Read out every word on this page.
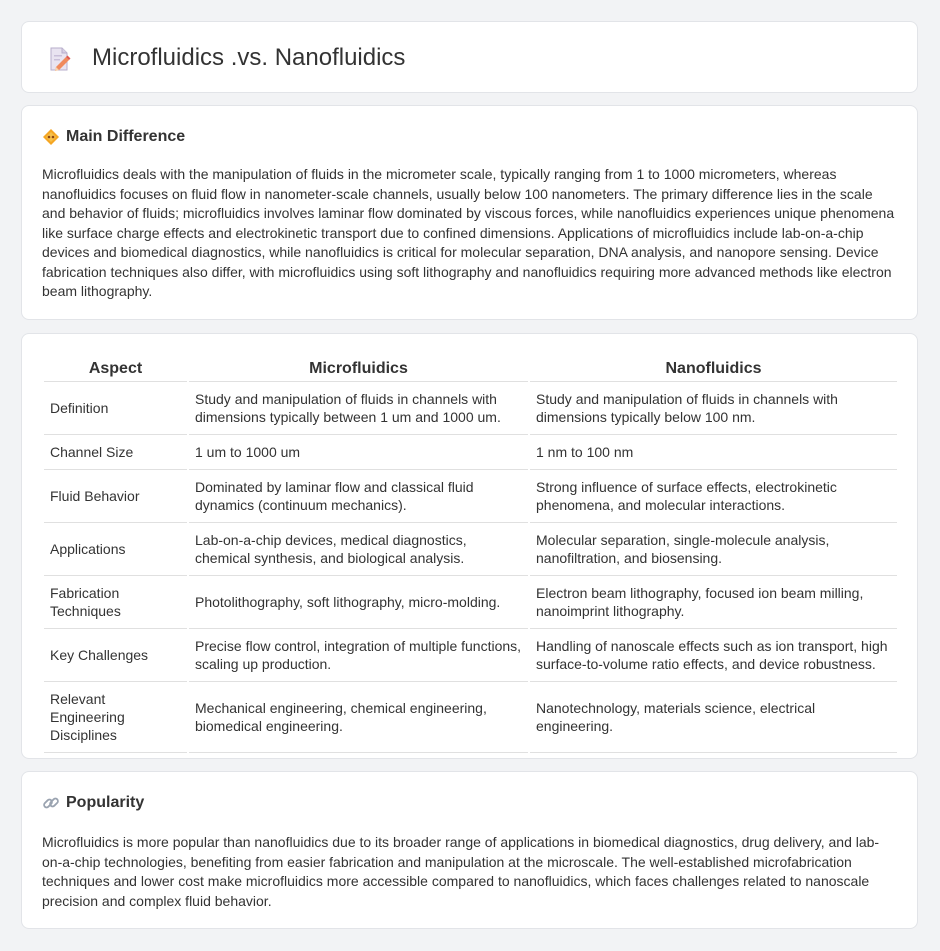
Microfluidics .vs. Nanofluidics
Main Difference

Microfluidics deals with the manipulation of fluids in the micrometer scale, typically ranging from 1 to 1000 micrometers, whereas nanofluidics focuses on fluid flow in nanometer-scale channels, usually below 100 nanometers. The primary difference lies in the scale and behavior of fluids; microfluidics involves laminar flow dominated by viscous forces, while nanofluidics experiences unique phenomena like surface charge effects and electrokinetic transport due to confined dimensions. Applications of microfluidics include lab-on-a-chip devices and biomedical diagnostics, while nanofluidics is critical for molecular separation, DNA analysis, and nanopore sensing. Device fabrication techniques also differ, with microfluidics using soft lithography and nanofluidics requiring more advanced methods like electron beam lithography.

Aspect	Microfluidics	Nanofluidics
Definition	Study and manipulation of fluids in channels with dimensions typically between 1 um and 1000 um.	Study and manipulation of fluids in channels with dimensions typically below 100 nm.
Channel Size	1 um to 1000 um	1 nm to 100 nm
Fluid Behavior	Dominated by laminar flow and classical fluid dynamics (continuum mechanics).	Strong influence of surface effects, electrokinetic phenomena, and molecular interactions.
Applications	Lab-on-a-chip devices, medical diagnostics, chemical synthesis, and biological analysis.	Molecular separation, single-molecule analysis, nanofiltration, and biosensing.
Fabrication Techniques	Photolithography, soft lithography, micro-molding.	Electron beam lithography, focused ion beam milling, nanoimprint lithography.
Key Challenges	Precise flow control, integration of multiple functions, scaling up production.	Handling of nanoscale effects such as ion transport, high surface-to-volume ratio effects, and device robustness.
Relevant Engineering Disciplines	Mechanical engineering, chemical engineering, biomedical engineering.	Nanotechnology, materials science, electrical engineering.
Popularity

Microfluidics is more popular than nanofluidics due to its broader range of applications in biomedical diagnostics, drug delivery, and lab-on-a-chip technologies, benefiting from easier fabrication and manipulation at the microscale. The well-established microfabrication techniques and lower cost make microfluidics more accessible compared to nanofluidics, which faces challenges related to nanoscale precision and complex fluid behavior.
